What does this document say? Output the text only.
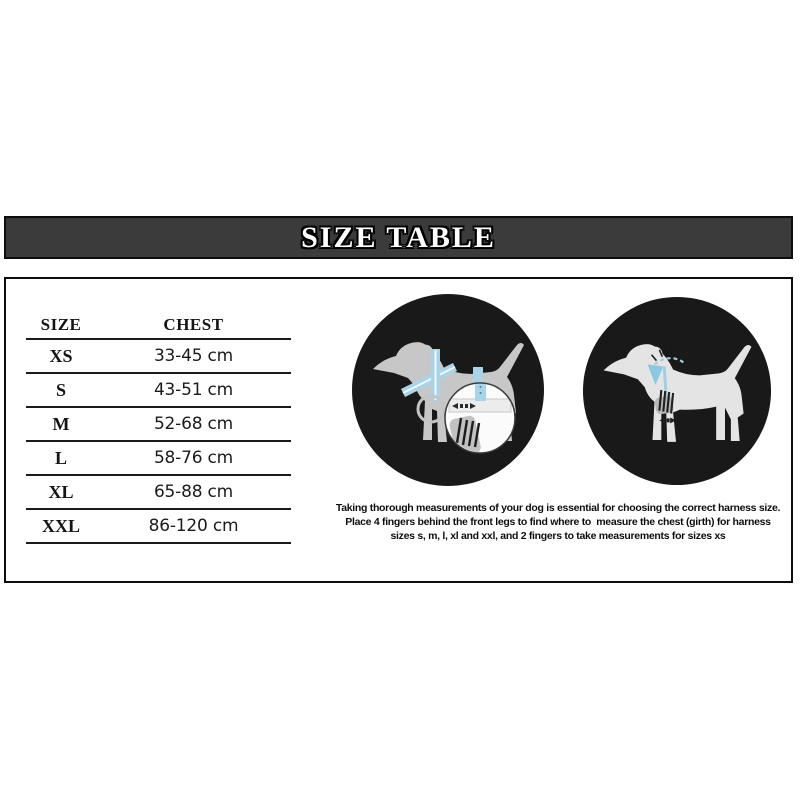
SIZE TABLE
SIZE	CHEST
XS	33-45 cm
S	43-51 cm
M	52-68 cm
L	58-76 cm
XL	65-88 cm
XXL	86-120 cm
Taking thorough measurements of your dog is essential for choosing the correct harness size.
Place 4 fingers behind the front legs to find where to  measure the chest (girth) for harness
sizes s, m, l, xl and xxl, and 2 fingers to take measurements for sizes xs
